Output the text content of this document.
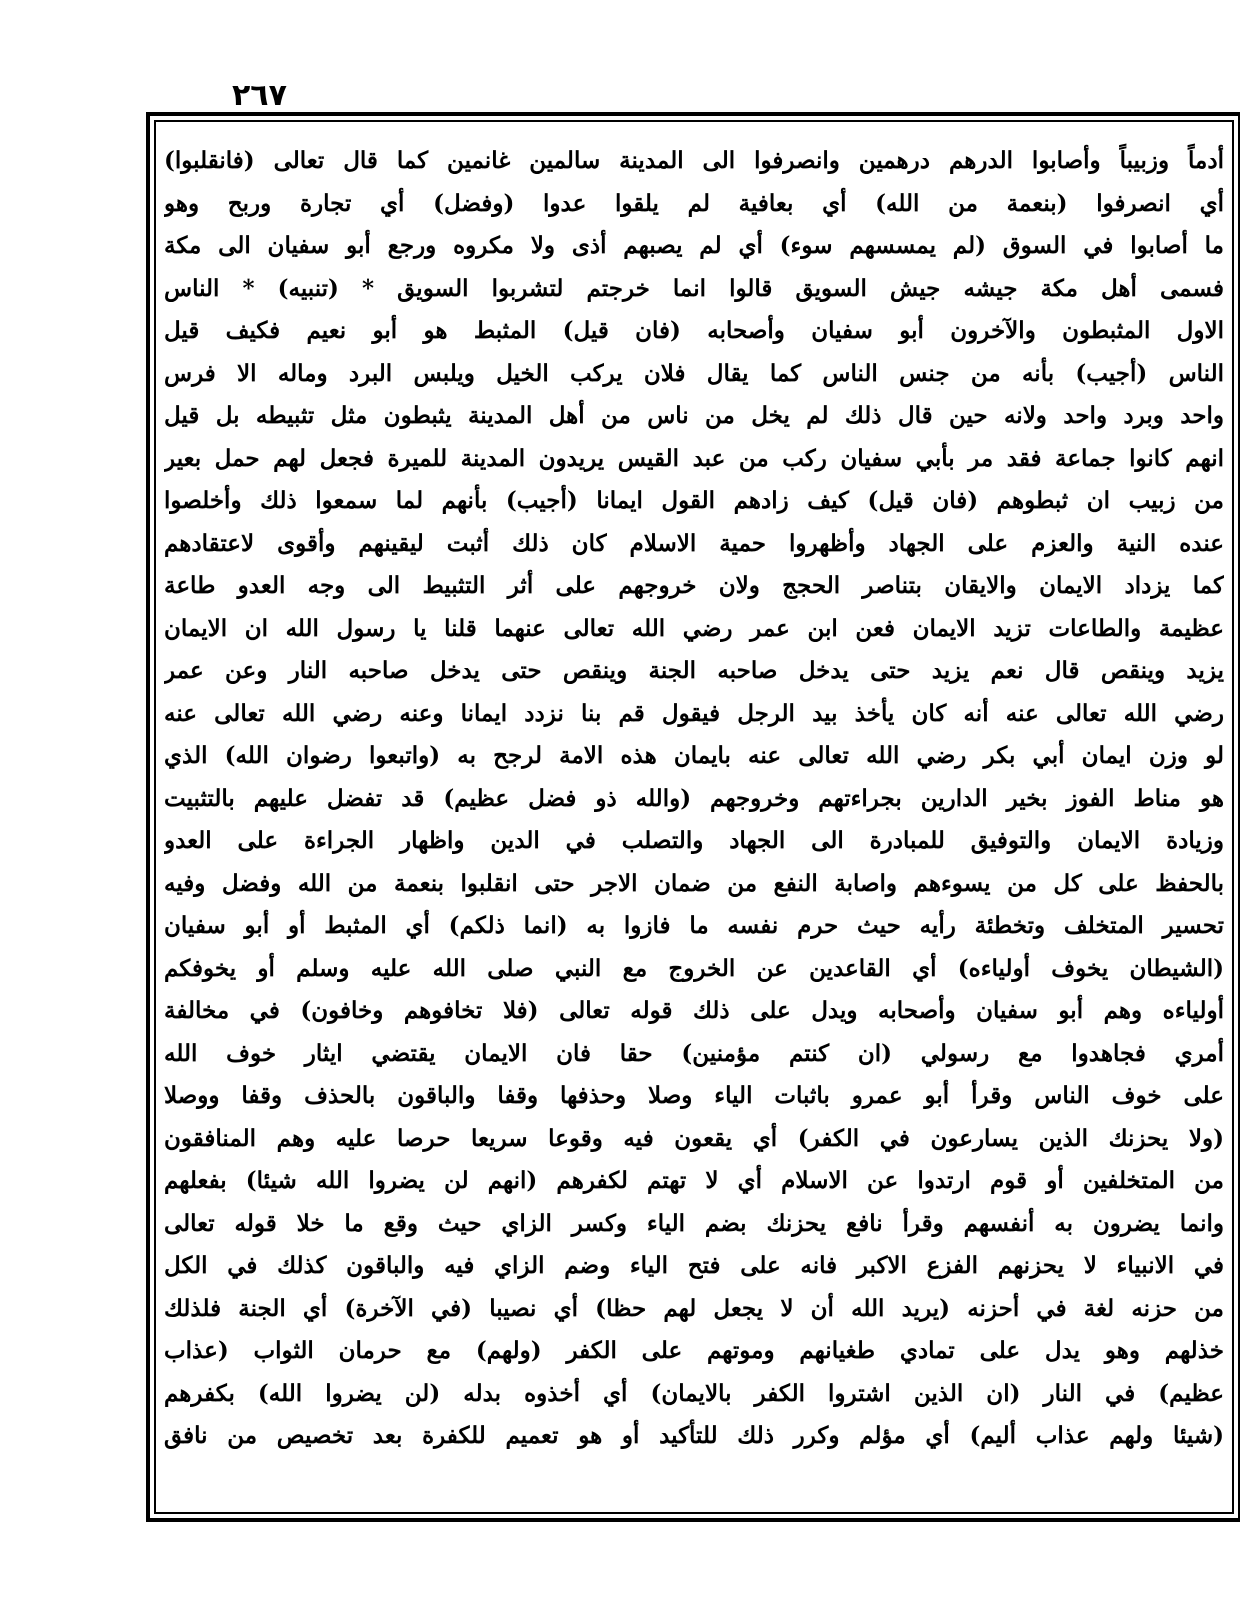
٢٦٧
أدماً وزبيباً وأصابوا الدرهم درهمين وانصرفوا الى المدينة سالمين غانمين كما قال تعالى (فانقلبوا)
أي انصرفوا (بنعمة من الله) أي بعافية لم يلقوا عدوا (وفضل) أي تجارة وربح وهو
ما أصابوا في السوق (لم يمسسهم سوء) أي لم يصبهم أذى ولا مكروه ورجع أبو سفيان الى مكة
فسمى أهل مكة جيشه جيش السويق قالوا انما خرجتم لتشربوا السويق * (تنبيه) * الناس
الاول المثبطون والآخرون أبو سفيان وأصحابه (فان قيل) المثبط هو أبو نعيم فكيف قيل
الناس (أجيب) بأنه من جنس الناس كما يقال فلان يركب الخيل ويلبس البرد وماله الا فرس
واحد وبرد واحد ولانه حين قال ذلك لم يخل من ناس من أهل المدينة يثبطون مثل تثبيطه بل قيل
انهم كانوا جماعة فقد مر بأبي سفيان ركب من عبد القيس يريدون المدينة للميرة فجعل لهم حمل بعير
من زبيب ان ثبطوهم (فان قيل) كيف زادهم القول ايمانا (أجيب) بأنهم لما سمعوا ذلك وأخلصوا
عنده النية والعزم على الجهاد وأظهروا حمية الاسلام كان ذلك أثبت ليقينهم وأقوى لاعتقادهم
كما يزداد الايمان والايقان بتناصر الحجج ولان خروجهم على أثر التثبيط الى وجه العدو طاعة
عظيمة والطاعات تزيد الايمان فعن ابن عمر رضي الله تعالى عنهما قلنا يا رسول الله ان الايمان
يزيد وينقص قال نعم يزيد حتى يدخل صاحبه الجنة وينقص حتى يدخل صاحبه النار وعن عمر
رضي الله تعالى عنه أنه كان يأخذ بيد الرجل فيقول قم بنا نزدد ايمانا وعنه رضي الله تعالى عنه
لو وزن ايمان أبي بكر رضي الله تعالى عنه بايمان هذه الامة لرجح به (واتبعوا رضوان الله) الذي
هو مناط الفوز بخير الدارين بجراءتهم وخروجهم (والله ذو فضل عظيم) قد تفضل عليهم بالتثبيت
وزيادة الايمان والتوفيق للمبادرة الى الجهاد والتصلب في الدين واظهار الجراءة على العدو
بالحفظ على كل من يسوءهم واصابة النفع من ضمان الاجر حتى انقلبوا بنعمة من الله وفضل وفيه
تحسير المتخلف وتخطئة رأيه حيث حرم نفسه ما فازوا به (انما ذلكم) أي المثبط أو أبو سفيان
(الشيطان يخوف أولياءه) أي القاعدين عن الخروج مع النبي صلى الله عليه وسلم أو يخوفكم
أولياءه وهم أبو سفيان وأصحابه ويدل على ذلك قوله تعالى (فلا تخافوهم وخافون) في مخالفة
أمري فجاهدوا مع رسولي (ان كنتم مؤمنين) حقا فان الايمان يقتضي ايثار خوف الله
على خوف الناس وقرأ أبو عمرو باثبات الياء وصلا وحذفها وقفا والباقون بالحذف وقفا ووصلا
(ولا يحزنك الذين يسارعون في الكفر) أي يقعون فيه وقوعا سريعا حرصا عليه وهم المنافقون
من المتخلفين أو قوم ارتدوا عن الاسلام أي لا تهتم لكفرهم (انهم لن يضروا الله شيئا) بفعلهم
وانما يضرون به أنفسهم وقرأ نافع يحزنك بضم الياء وكسر الزاي حيث وقع ما خلا قوله تعالى
في الانبياء لا يحزنهم الفزع الاكبر فانه على فتح الياء وضم الزاي فيه والباقون كذلك في الكل
من حزنه لغة في أحزنه (يريد الله أن لا يجعل لهم حظا) أي نصيبا (في الآخرة) أي الجنة فلذلك
خذلهم وهو يدل على تمادي طغيانهم وموتهم على الكفر (ولهم) مع حرمان الثواب (عذاب
عظيم) في النار (ان الذين اشتروا الكفر بالايمان) أي أخذوه بدله (لن يضروا الله) بكفرهم
(شيئا ولهم عذاب أليم) أي مؤلم وكرر ذلك للتأكيد أو هو تعميم للكفرة بعد تخصيص من نافق
